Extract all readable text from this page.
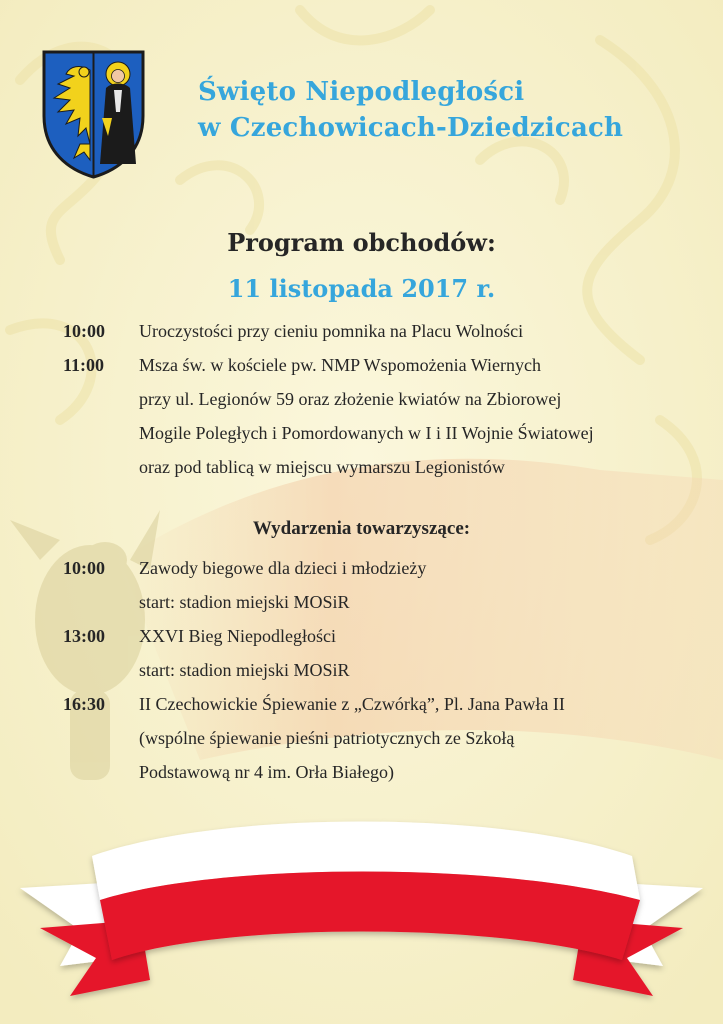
Święto Niepodległości
w Czechowicach-Dziedzicach
Program obchodów:
11 listopada 2017 r.
10:00	Uroczystości przy cieniu pomnika na Placu Wolności
11:00	Msza św. w kościele pw. NMP Wspomożenia Wiernych
przy ul. Legionów 59 oraz złożenie kwiatów na Zbiorowej
Mogile Poległych i Pomordowanych w I i II Wojnie Światowej
oraz pod tablicą w miejscu wymarszu Legionistów
Wydarzenia towarzyszące:
10:00	Zawody biegowe dla dzieci i młodzieży
start: stadion miejski MOSiR
13:00	XXVI Bieg Niepodległości
start: stadion miejski MOSiR
16:30	II Czechowickie Śpiewanie z „Czwórką”, Pl. Jana Pawła II
(wspólne śpiewanie pieśni patriotycznych ze Szkołą
Podstawową nr 4 im. Orła Białego)
